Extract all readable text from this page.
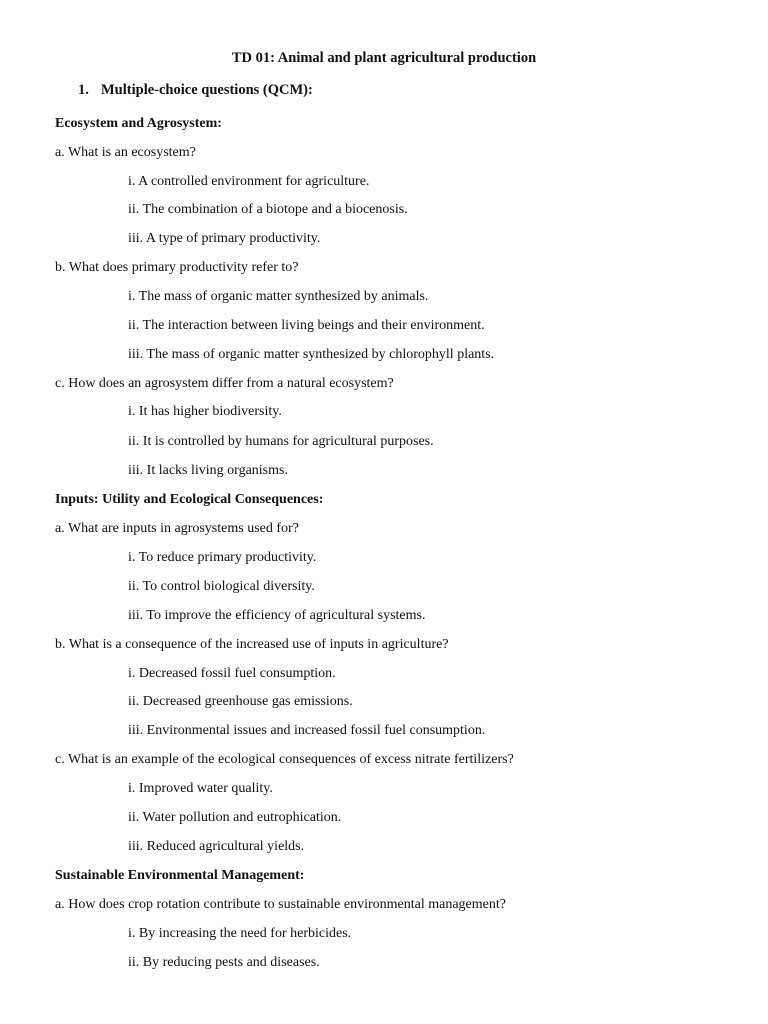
TD 01: Animal and plant agricultural production
1. Multiple-choice questions (QCM):
Ecosystem and Agrosystem:
a. What is an ecosystem?
i. A controlled environment for agriculture.
ii. The combination of a biotope and a biocenosis.
iii. A type of primary productivity.
b. What does primary productivity refer to?
i. The mass of organic matter synthesized by animals.
ii. The interaction between living beings and their environment.
iii. The mass of organic matter synthesized by chlorophyll plants.
c. How does an agrosystem differ from a natural ecosystem?
i. It has higher biodiversity.
ii. It is controlled by humans for agricultural purposes.
iii. It lacks living organisms.
Inputs: Utility and Ecological Consequences:
a. What are inputs in agrosystems used for?
i. To reduce primary productivity.
ii. To control biological diversity.
iii. To improve the efficiency of agricultural systems.
b. What is a consequence of the increased use of inputs in agriculture?
i. Decreased fossil fuel consumption.
ii. Decreased greenhouse gas emissions.
iii. Environmental issues and increased fossil fuel consumption.
c. What is an example of the ecological consequences of excess nitrate fertilizers?
i. Improved water quality.
ii. Water pollution and eutrophication.
iii. Reduced agricultural yields.
Sustainable Environmental Management:
a. How does crop rotation contribute to sustainable environmental management?
i. By increasing the need for herbicides.
ii. By reducing pests and diseases.
